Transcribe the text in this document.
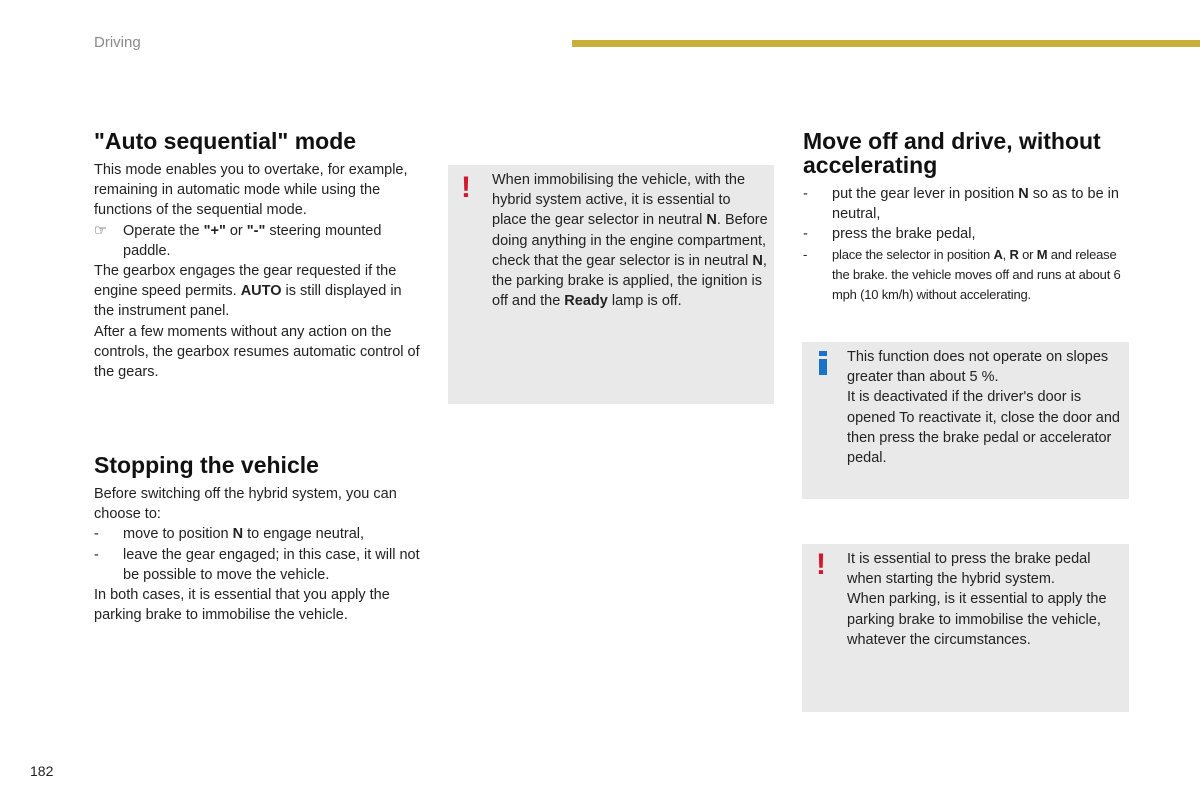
Driving
"Auto sequential" mode

This mode enables you to overtake, for example, remaining in automatic mode while using the functions of the sequential mode.

☞ Operate the "+" or "-" steering mounted paddle.

The gearbox engages the gear requested if the engine speed permits. AUTO is still displayed in the instrument panel.

After a few moments without any action on the controls, the gearbox resumes automatic control of the gears.

Stopping the vehicle

Before switching off the hybrid system, you can choose to:

- move to position N to engage neutral,

- leave the gear engaged; in this case, it will not be possible to move the vehicle.

In both cases, it is essential that you apply the parking brake to immobilise the vehicle.

! When immobilising the vehicle, with the hybrid system active, it is essential to place the gear selector in neutral N. Before doing anything in the engine compartment, check that the gear selector is in neutral N, the parking brake is applied, the ignition is off and the Ready lamp is off.

Move off and drive, without accelerating

- put the gear lever in position N so as to be in neutral,

- press the brake pedal,

- place the selector in position A, R or M and release the brake. the vehicle moves off and runs at about 6 mph (10 km/h) without accelerating.

This function does not operate on slopes greater than about 5 %.

It is deactivated if the driver's door is opened To reactivate it, close the door and then press the brake pedal or accelerator pedal.

! It is essential to press the brake pedal when starting the hybrid system.

When parking, is it essential to apply the parking brake to immobilise the vehicle, whatever the circumstances.

182
